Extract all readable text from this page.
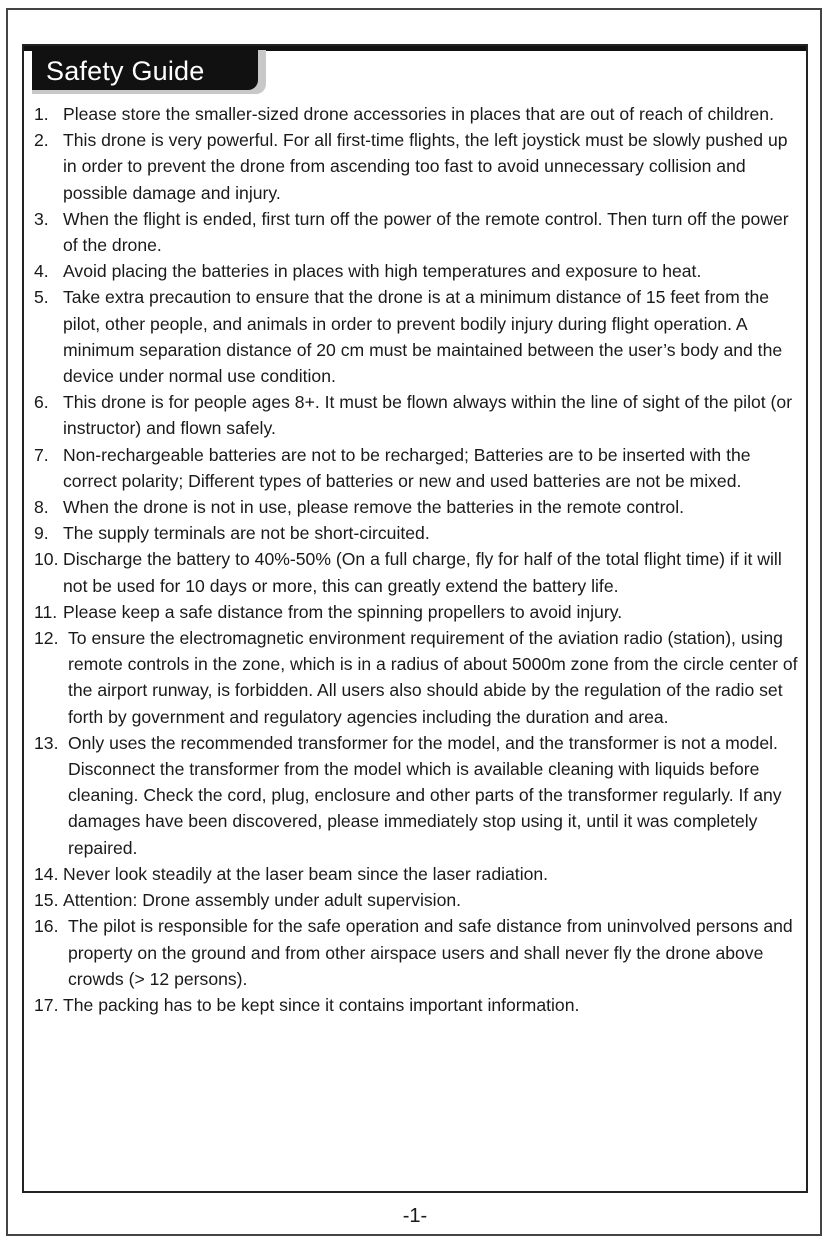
Safety Guide
1. Please store the smaller-sized drone accessories in places that are out of reach of children.
2. This drone is very powerful. For all first-time flights, the left joystick must be slowly pushed up in order to prevent the drone from ascending too fast to avoid unnecessary collision and possible damage and injury.
3. When the flight is ended, first turn off the power of the remote control. Then turn off the power of the drone.
4. Avoid placing the batteries in places with high temperatures and exposure to heat.
5. Take extra precaution to ensure that the drone is at a minimum distance of 15 feet from the pilot, other people, and animals in order to prevent bodily injury during flight operation. A minimum separation distance of 20 cm must be maintained between the user’s body and the device under normal use condition.
6. This drone is for people ages 8+. It must be flown always within the line of sight of the pilot (or instructor) and flown safely.
7. Non-rechargeable batteries are not to be recharged; Batteries are to be inserted with the correct polarity; Different types of batteries or new and used batteries are not be mixed.
8. When the drone is not in use, please remove the batteries in the remote control.
9. The supply terminals are not be short-circuited.
10. Discharge the battery to 40%-50% (On a full charge, fly for half of the total flight time) if it will not be used for 10 days or more, this can greatly extend the battery life.
11. Please keep a safe distance from the spinning propellers to avoid injury.
12. To ensure the electromagnetic environment requirement of the aviation radio (station), using remote controls in the zone, which is in a radius of about 5000m zone from the circle center of the airport runway, is forbidden. All users also should abide by the regulation of the radio set forth by government and regulatory agencies including the duration and area.
13. Only uses the recommended transformer for the model, and the transformer is not a model. Disconnect the transformer from the model which is available cleaning with liquids before cleaning. Check the cord, plug, enclosure and other parts of the transformer regularly. If any damages have been discovered, please immediately stop using it, until it was completely repaired.
14. Never look steadily at the laser beam since the laser radiation.
15. Attention: Drone assembly under adult supervision.
16. The pilot is responsible for the safe operation and safe distance from uninvolved persons and property on the ground and from other airspace users and shall never fly the drone above crowds (> 12 persons).
17. The packing has to be kept since it contains important information.
-1-
